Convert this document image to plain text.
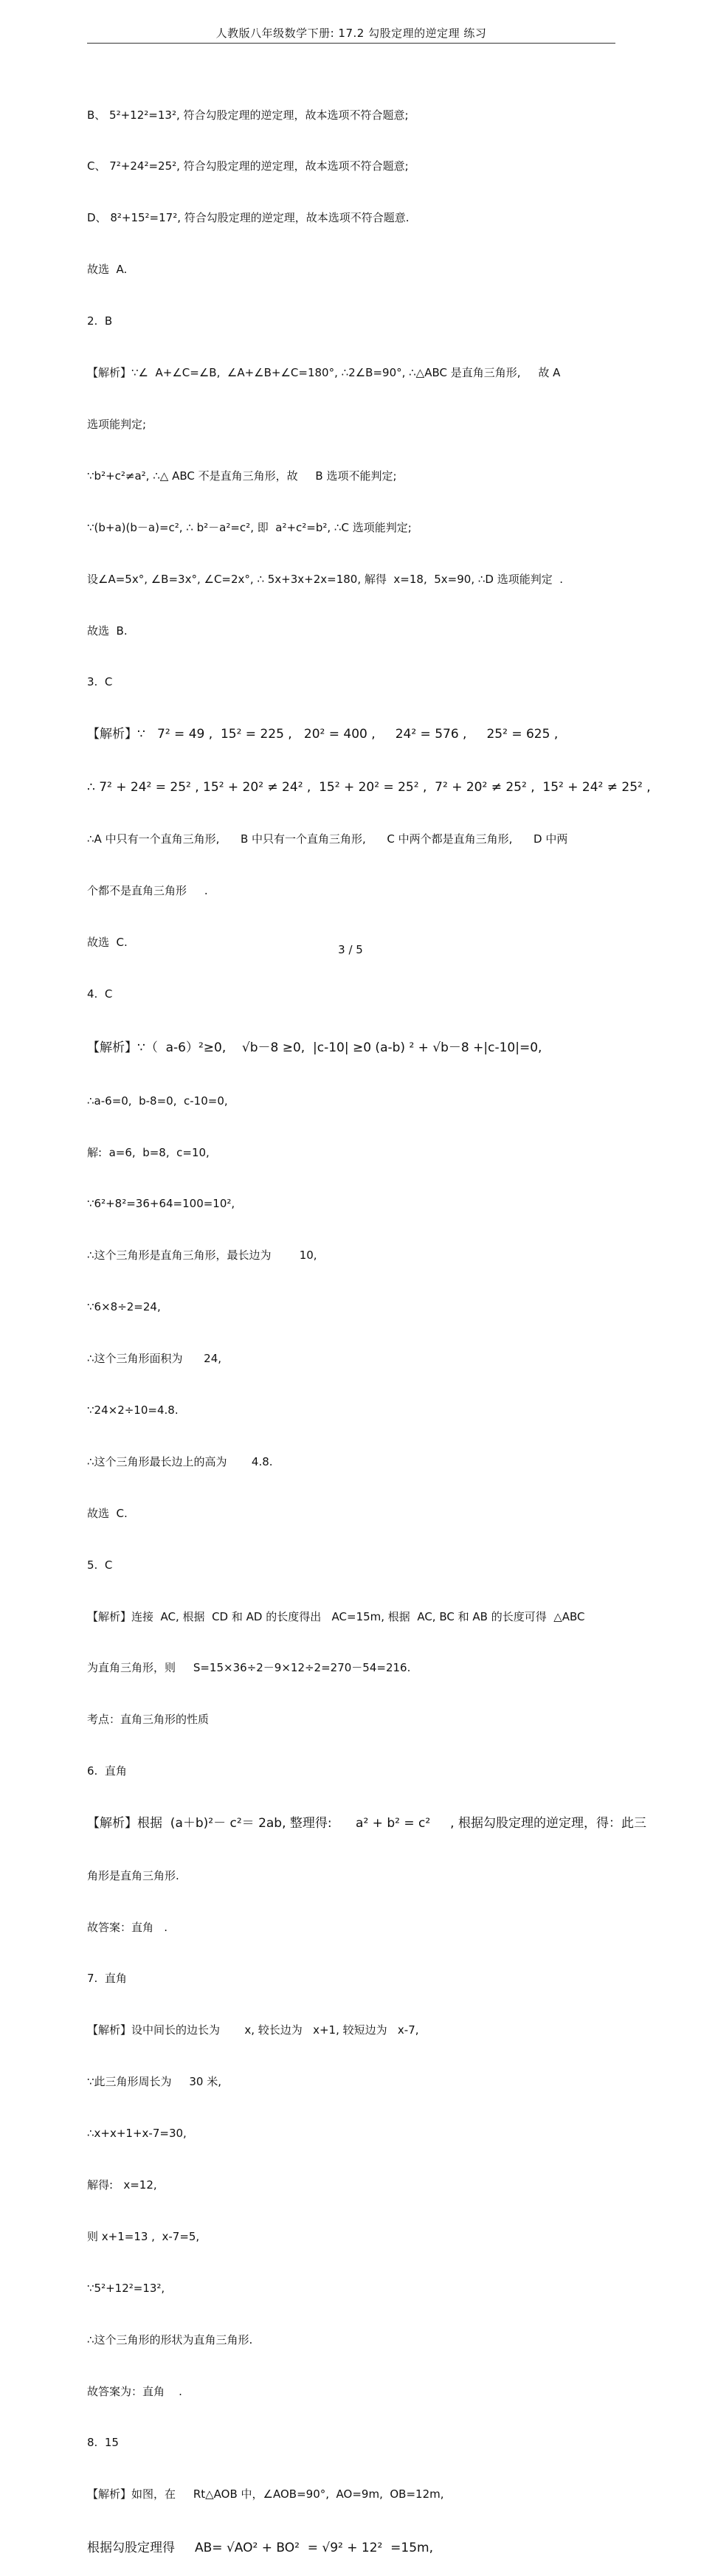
人教版八年级数学下册: 17.2 勾股定理的逆定理 练习

B、 5²+12²=13², 符合勾股定理的逆定理，故本选项不符合题意;

C、 7²+24²=25², 符合勾股定理的逆定理，故本选项不符合题意;

D、 8²+15²=17², 符合勾股定理的逆定理，故本选项不符合题意.

故选  A.

2.  B

【解析】∵∠  A+∠C=∠B,  ∠A+∠B+∠C=180°, ∴2∠B=90°, ∴△ABC 是直角三角形,     故 A

选项能判定;

∵b²+c²≠a², ∴△ ABC 不是直角三角形，故     B 选项不能判定;

∵(b+a)(b－a)=c², ∴ b²－a²=c², 即  a²+c²=b², ∴C 选项能判定;

设∠A=5x°, ∠B=3x°, ∠C=2x°, ∴ 5x+3x+2x=180, 解得  x=18,  5x=90, ∴D 选项能判定  .

故选  B.

3.  C

【解析】∵   7² = 49 ,  15² = 225 ,   20² = 400 ,     24² = 576 ,     25² = 625 ,

∴ 7² + 24² = 25² , 15² + 20² ≠ 24² ,  15² + 20² = 25² ,  7² + 20² ≠ 25² ,  15² + 24² ≠ 25² ,

∴A 中只有一个直角三角形,      B 中只有一个直角三角形,      C 中两个都是直角三角形,      D 中两

个都不是直角三角形     .

故选  C.

4.  C

【解析】∵（  a-6）²≥0,    √b－8 ≥0,  |c-10| ≥0 (a-b) ² + √b－8 +|c-10|=0,

∴a-6=0,  b-8=0,  c-10=0,

解:  a=6,  b=8,  c=10,

∵6²+8²=36+64=100=10²,

∴这个三角形是直角三角形，最长边为        10,

∵6×8÷2=24,

∴这个三角形面积为      24,

∵24×2÷10=4.8.

∴这个三角形最长边上的高为       4.8.

故选  C.

5.  C

【解析】连接  AC, 根据  CD 和 AD 的长度得出   AC=15m, 根据  AC, BC 和 AB 的长度可得  △ABC

为直角三角形，则     S=15×36÷2－9×12÷2=270－54=216.

考点：直角三角形的性质

6.  直角

【解析】根据  (a＋b)²－ c²＝ 2ab, 整理得:      a² + b² = c²     , 根据勾股定理的逆定理，得：此三

角形是直角三角形.

故答案：直角   .

7.  直角

【解析】设中间长的边长为       x, 较长边为   x+1, 较短边为   x-7,

∵此三角形周长为     30 米,

∴x+x+1+x-7=30,

解得:   x=12,

则 x+1=13 ,  x-7=5,

∵5²+12²=13²,

∴这个三角形的形状为直角三角形.

故答案为：直角    .

8.  15

【解析】如图，在     Rt△AOB 中，∠AOB=90°,  AO=9m,  OB=12m,

根据勾股定理得     AB= √AO² + BO²  = √9² + 12²  =15m,

3 / 5
